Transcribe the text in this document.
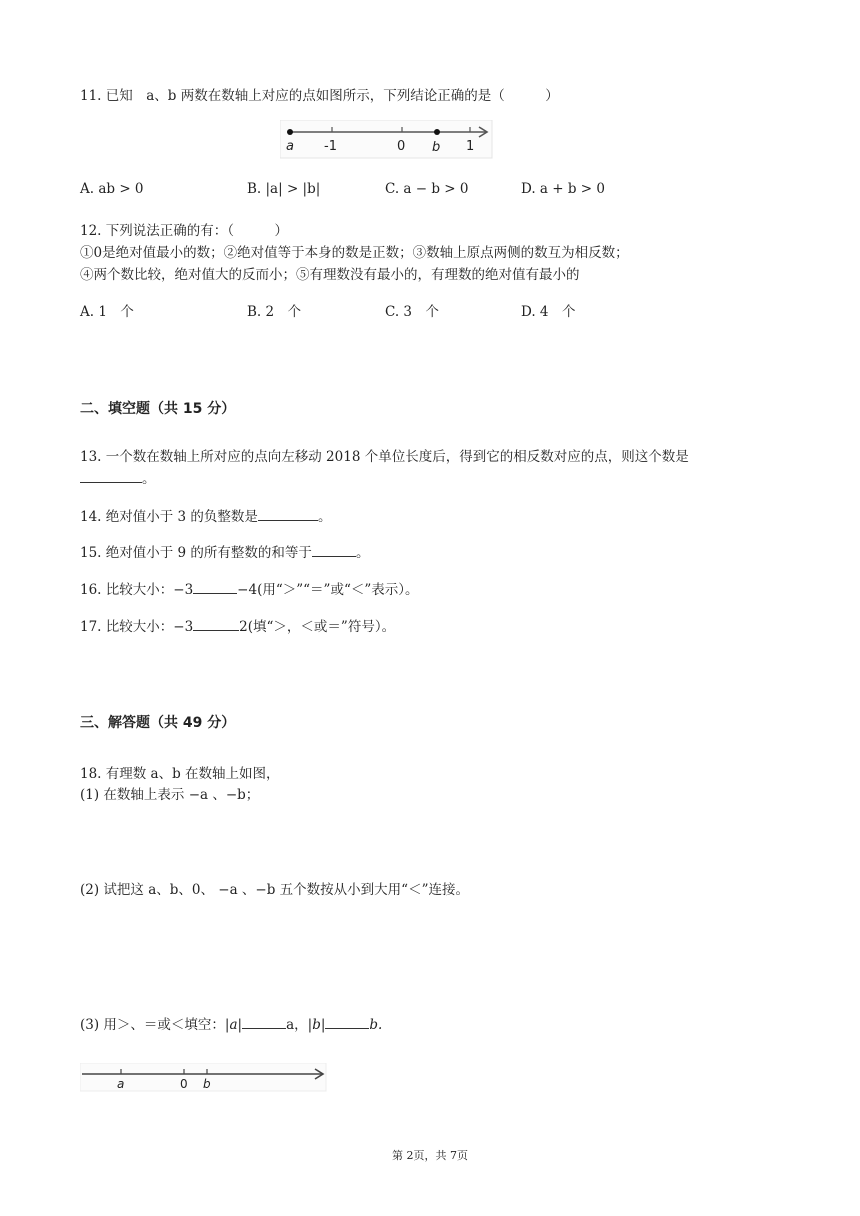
11. 已知　a、b 两数在数轴上对应的点如图所示，下列结论正确的是（　　　）
a -1	0 b 1
A. ab > 0	B. |a| > |b|	C. a − b > 0	D. a + b > 0
12. 下列说法正确的有：（　　　）
①0是绝对值最小的数；②绝对值等于本身的数是正数；③数轴上原点两侧的数互为相反数；
④两个数比较，绝对值大的反而小；⑤有理数没有最小的，有理数的绝对值有最小的
A. 1　个	B. 2　个	C. 3　个	D. 4　个
二、填空题（共 15 分）
13. 一个数在数轴上所对应的点向左移动 2018 个单位长度后，得到它的相反数对应的点，则这个数是
。
14. 绝对值小于 3 的负整数是	。
15. 绝对值小于 9 的所有整数的和等于	。
16. 比较大小：−3	−4(用“＞”“＝”或“＜”表示）。
17. 比较大小：−3	2(填“＞，＜或＝”符号）。
三、解答题（共 49 分）
18. 有理数 a、b 在数轴上如图，
(1) 在数轴上表示 −a 、−b；
(2) 试把这 a、b、0、 −a 、−b 五个数按从小到大用“＜”连接。
(3) 用＞、＝或＜填空：|a|	a，|b|	b.
a	0 b
第 2页，共 7页
